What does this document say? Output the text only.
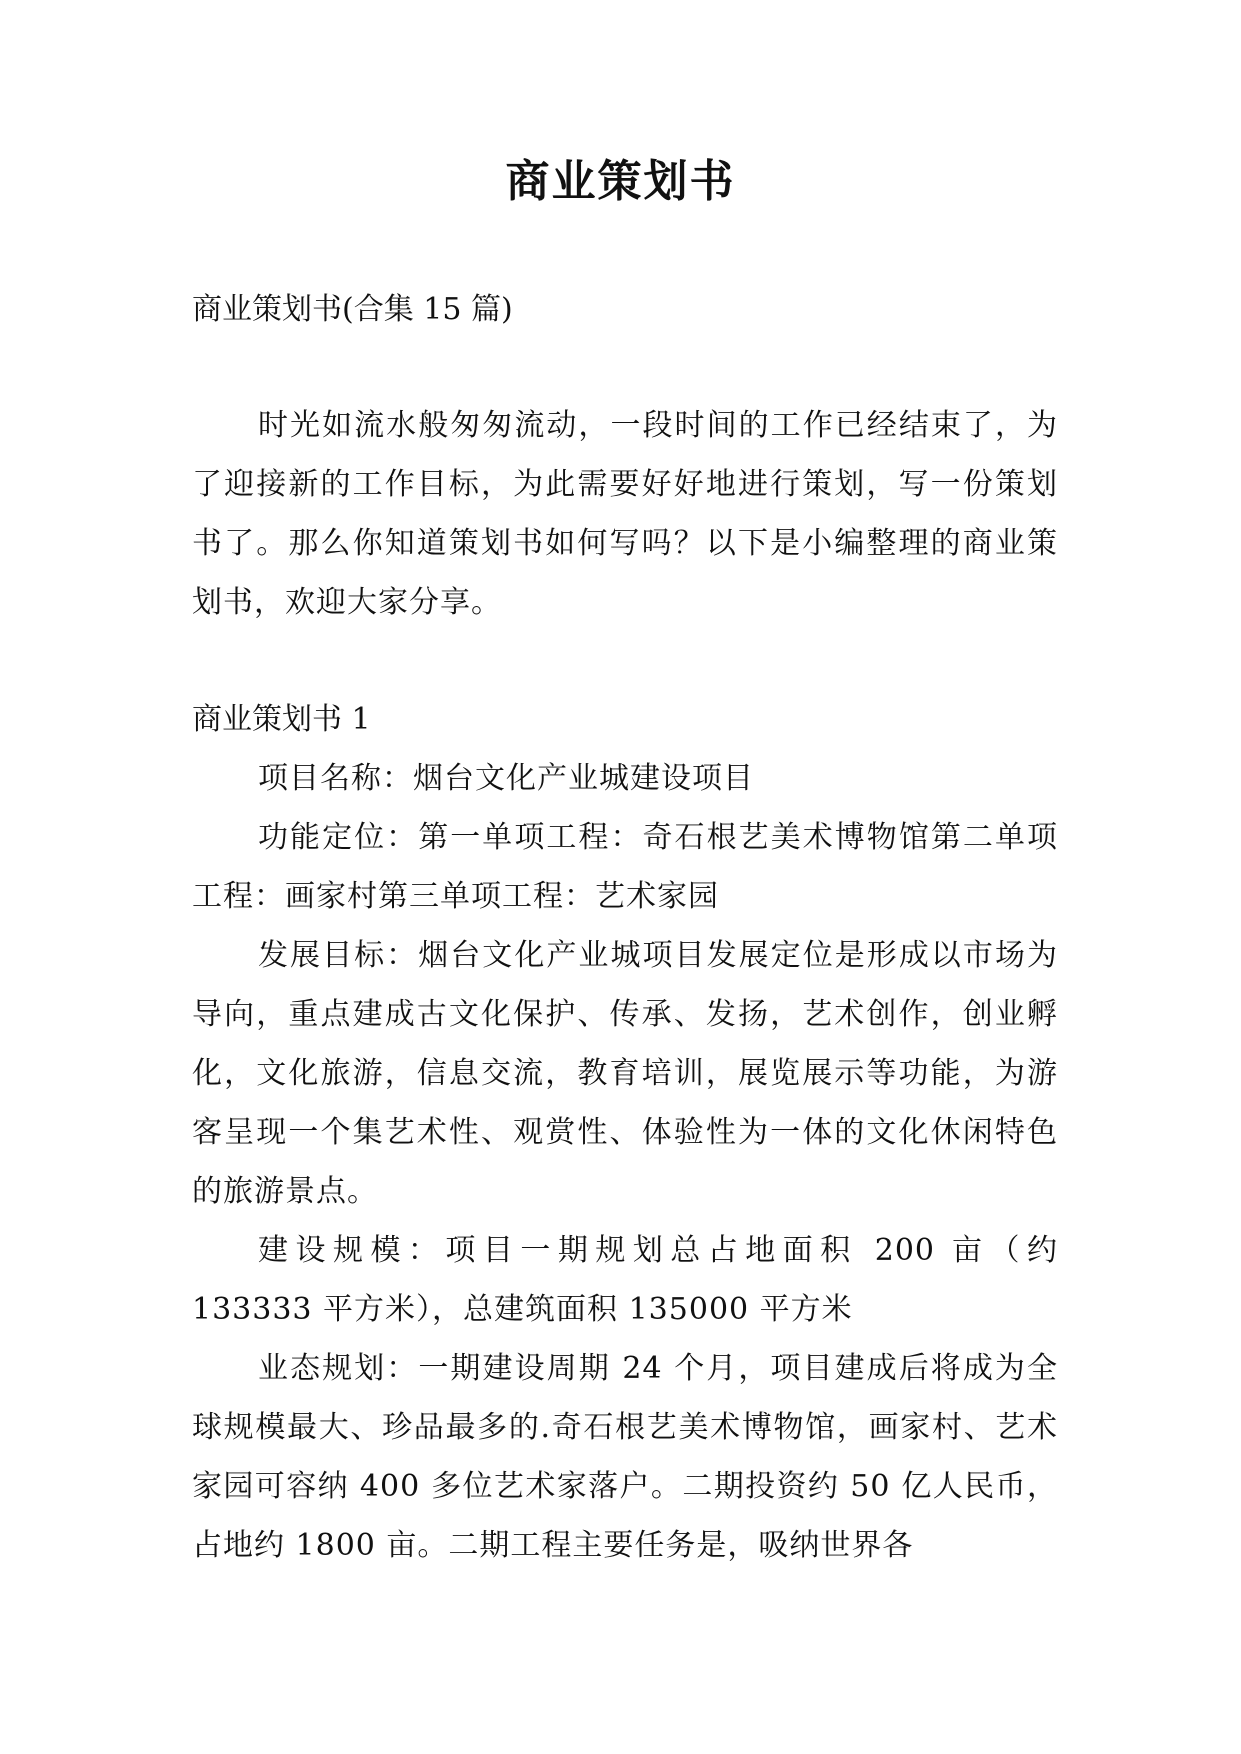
商业策划书

商业策划书(合集 15 篇)

时光如流水般匆匆流动，一段时间的工作已经结束了，为了迎接新的工作目标，为此需要好好地进行策划，写一份策划书了。那么你知道策划书如何写吗？以下是小编整理的商业策划书，欢迎大家分享。

商业策划书 1

项目名称：烟台文化产业城建设项目

功能定位：第一单项工程：奇石根艺美术博物馆第二单项工程：画家村第三单项工程：艺术家园

发展目标：烟台文化产业城项目发展定位是形成以市场为导向，重点建成古文化保护、传承、发扬，艺术创作，创业孵化，文化旅游，信息交流，教育培训，展览展示等功能，为游客呈现一个集艺术性、观赏性、体验性为一体的文化休闲特色的旅游景点。

建设规模：项目一期规划总占地面积 200 亩（约 133333 平方米），总建筑面积 135000 平方米

业态规划：一期建设周期 24 个月，项目建成后将成为全球规模最大、珍品最多的.奇石根艺美术博物馆，画家村、艺术家园可容纳 400 多位艺术家落户。二期投资约 50 亿人民币，占地约 1800 亩。二期工程主要任务是，吸纳世界各
